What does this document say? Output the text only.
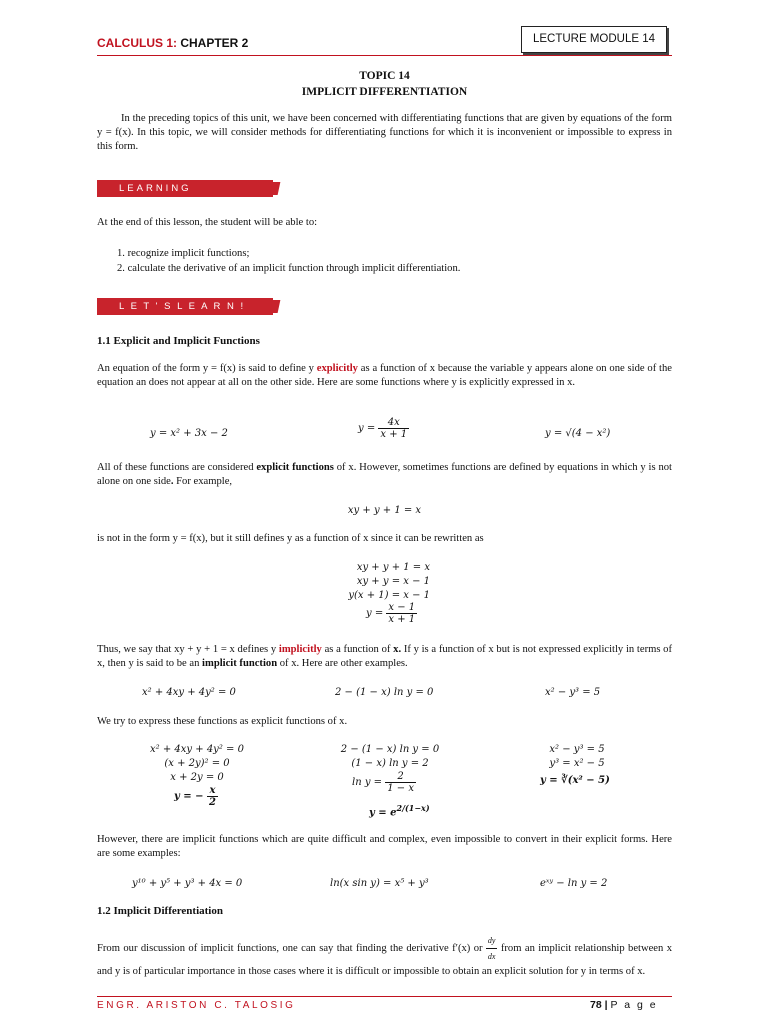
CALCULUS 1: CHAPTER 2	LECTURE MODULE 14
TOPIC 14
IMPLICIT DIFFERENTIATION
In the preceding topics of this unit, we have been concerned with differentiating functions that are given by equations of the form y = f(x). In this topic, we will consider methods for differentiating functions for which it is inconvenient or impossible to express in this form.
LEARNING OBJECTIVES
At the end of this lesson, the student will be able to:
1. recognize implicit functions;
2. calculate the derivative of an implicit function through implicit differentiation.
L E T ' S L E A R N !
1.1 Explicit and Implicit Functions
An equation of the form y = f(x) is said to define y explicitly as a function of x because the variable y appears alone on one side of the equation an does not appear at all on the other side. Here are some functions where y is explicitly expressed in x.
y = x² + 3x − 2	$y = \frac{4x}{x + 1}$	y = √(4 − x²)
All of these functions are considered explicit functions of x. However, sometimes functions are defined by equations in which y is not alone on one side. For example,
xy + y + 1 = x
is not in the form y = f(x), but it still defines y as a function of x since it can be rewritten as
xy + y + 1 = x
xy + y = x − 1
y(x + 1) = x − 1
$y = \frac{x - 1}{x + 1}$
Thus, we say that xy + y + 1 = x defines y implicitly as a function of x. If y is a function of x but is not expressed explicitly in terms of x, then y is said to be an implicit function of x. Here are other examples.
x² + 4xy + 4y² = 0	2 − (1 − x) ln y = 0	x² − y³ = 5
We try to express these functions as explicit functions of x.
x² + 4xy + 4y² = 0
(x + 2y)² = 0
x + 2y = 0
y = − $\frac{x}{2}$
2 − (1 − x) ln y = 0
(1 − x) ln y = 2
$\ln y = \frac{2}{1 - x}$
$y = e^{2/(1-x)}$
x² − y³ = 5
y³ = x² − 5
y = ∛(x² − 5)
However, there are implicit functions which are quite difficult and complex, even impossible to convert in their explicit forms. Here are some examples:
y¹⁰ + y⁵ + y³ + 4x = 0	ln(x sin y) = x⁵ + y³	eˣʸ − ln y = 2
1.2 Implicit Differentiation
From our discussion of implicit functions, one can say that finding the derivative f′(x) or $\frac{dy}{dx}$ from an implicit relationship between x and y is of particular importance in those cases where it is difficult or impossible to obtain an explicit solution for y in terms of x.
ENGR. ARISTON C. TALOSIG	78 | P a g e
